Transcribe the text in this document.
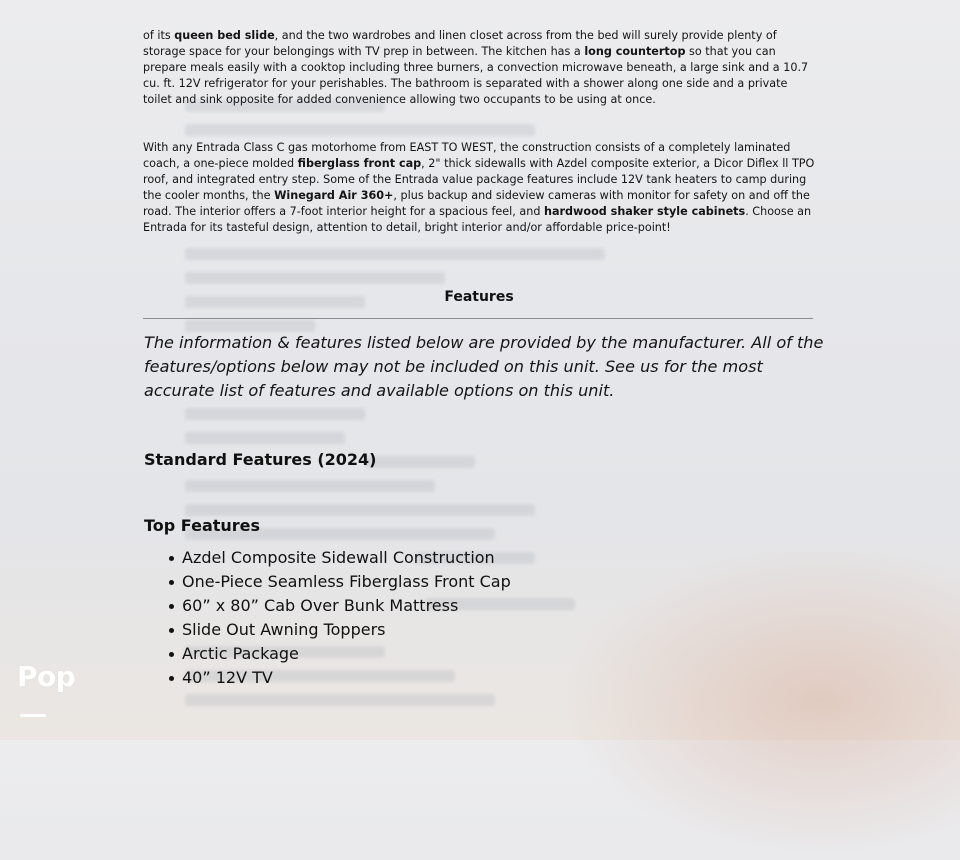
of its queen bed slide, and the two wardrobes and linen closet across from the bed will surely provide plenty of storage space for your belongings with TV prep in between. The kitchen has a long countertop so that you can prepare meals easily with a cooktop including three burners, a convection microwave beneath, a large sink and a 10.7 cu. ft. 12V refrigerator for your perishables. The bathroom is separated with a shower along one side and a private toilet and sink opposite for added convenience allowing two occupants to be using at once.

With any Entrada Class C gas motorhome from EAST TO WEST, the construction consists of a completely laminated coach, a one-piece molded fiberglass front cap, 2" thick sidewalls with Azdel composite exterior, a Dicor Diflex ll TPO roof, and integrated entry step. Some of the Entrada value package features include 12V tank heaters to camp during the cooler months, the Winegard Air 360+, plus backup and sideview cameras with monitor for safety on and off the road. The interior offers a 7-foot interior height for a spacious feel, and hardwood shaker style cabinets. Choose an Entrada for its tasteful design, attention to detail, bright interior and/or affordable price-point!

Features

The information & features listed below are provided by the manufacturer. All of the features/options below may not be included on this unit. See us for the most accurate list of features and available options on this unit.

Standard Features (2024)
Top Features
Azdel Composite Sidewall Construction
One-Piece Seamless Fiberglass Front Cap
60” x 80” Cab Over Bunk Mattress
Slide Out Awning Toppers
Arctic Package
40” 12V TV
Pop
